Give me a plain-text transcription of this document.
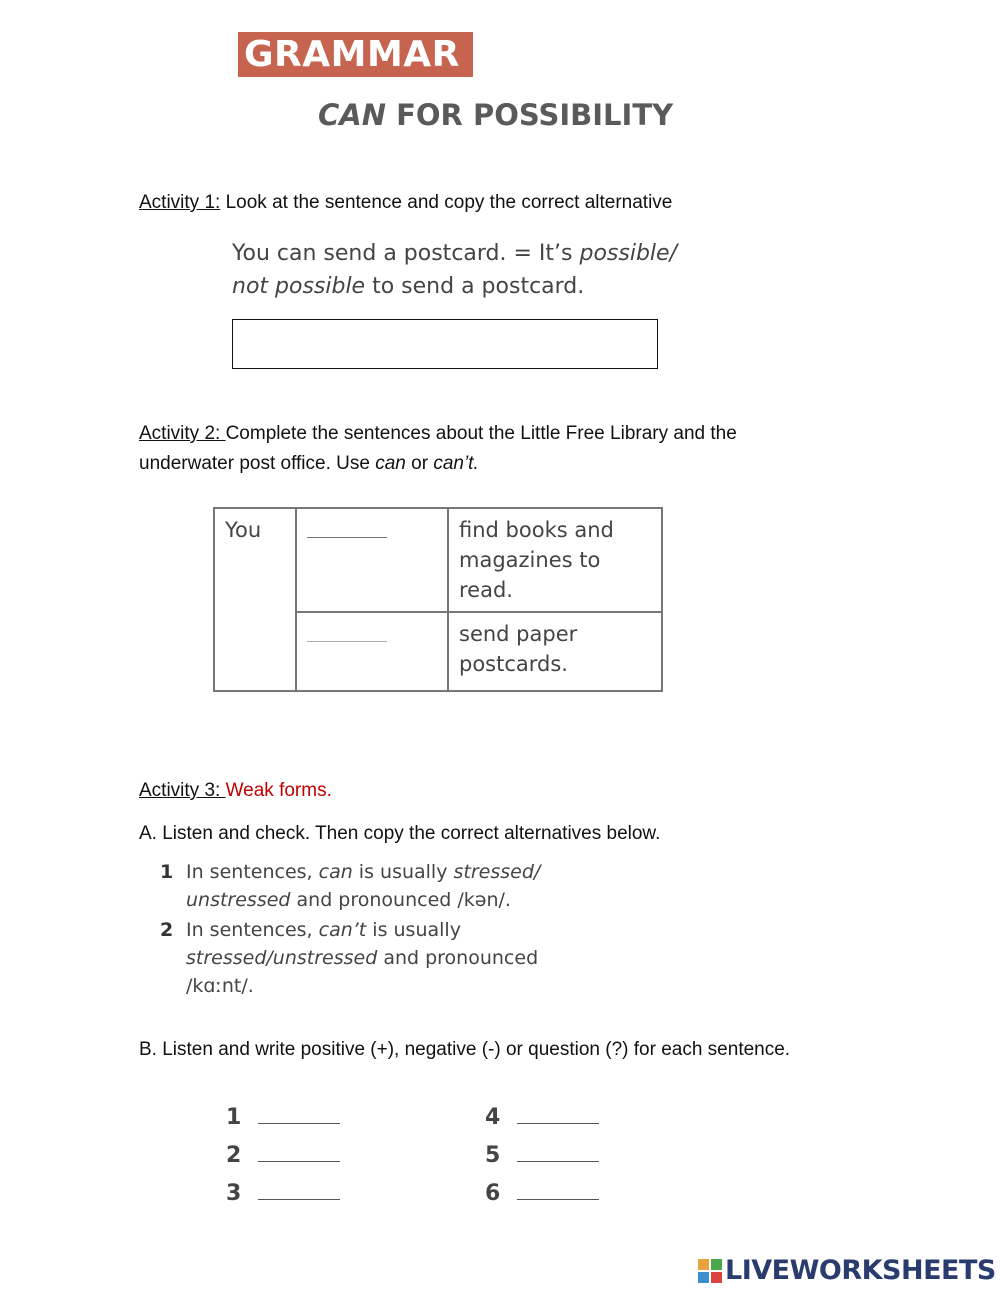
GRAMMAR
CAN FOR POSSIBILITY
Activity 1: Look at the sentence and copy the correct alternative
You can send a postcard. = It’s possible/
not possible to send a postcard.
Activity 2: Complete the sentences about the Little Free Library and the
underwater post office. Use can or can’t.
You		find books and magazines to read.
		send paper postcards.
Activity 3: Weak forms.
A. Listen and check. Then copy the correct alternatives below.
1 In sentences, can is usually stressed/
unstressed and pronounced /kən/.
2 In sentences, can’t is usually
stressed/unstressed and pronounced
/kɑːnt/.
B. Listen and write positive (+), negative (-) or question (?) for each sentence.
1
2
3
4
5
6
LIVEWORKSHEETS
